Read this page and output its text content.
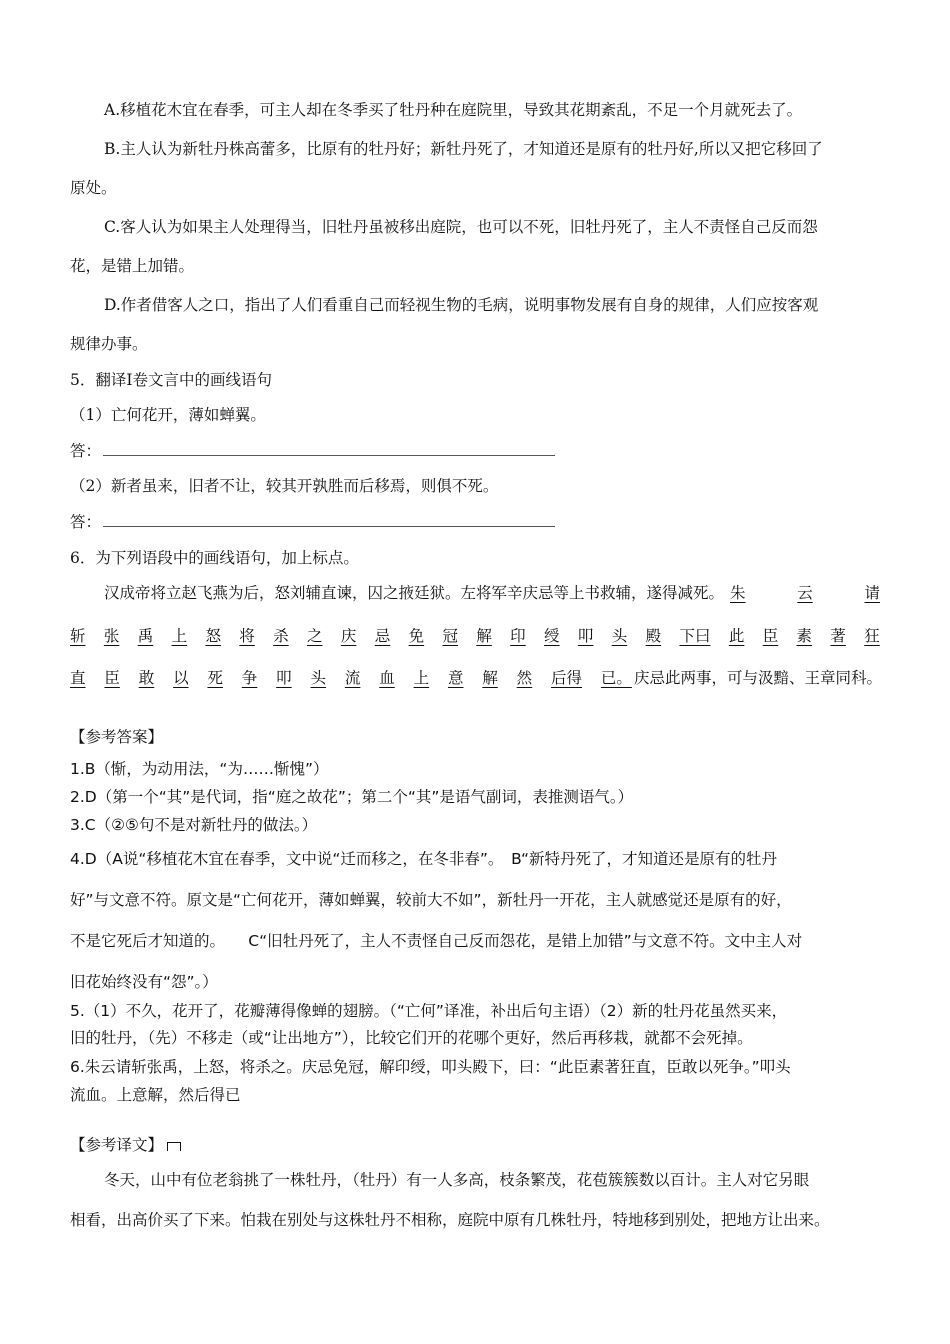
A.移植花木宜在春季，可主人却在冬季买了牡丹种在庭院里，导致其花期紊乱，不足一个月就死去了。
B.主人认为新牡丹株高蕾多，比原有的牡丹好；新牡丹死了，才知道还是原有的牡丹好,所以又把它移回了
原处。
C.客人认为如果主人处理得当，旧牡丹虽被移出庭院，也可以不死，旧牡丹死了，主人不责怪自己反而怨
花，是错上加错。
D.作者借客人之口，指出了人们看重自己而轻视生物的毛病，说明事物发展有自身的规律，人们应按客观
规律办事。
5．翻译Ⅰ卷文言中的画线语句
（1）亡何花开，薄如蝉翼。
答：
（2）新者虽来，旧者不让，较其开孰胜而后移焉，则俱不死。
答：
6．为下列语段中的画线语句，加上标点。
汉成帝将立赵飞燕为后，怒刘辅直谏，囚之掖廷狱。左将军辛庆忌等上书救辅，遂得减死。 朱	云	请
斩 张 禹 上 怒 将 杀 之 庆 忌 免 冠 解 印 绶 叩 头 殿 下曰 此 臣 素 著 狂
直 臣 敢 以 死 争 叩 头 流 血 上 意 解 然 后得 已。 庆忌此两事，可与汲黯、王章同科。
【参考答案】
1.B（惭，为动用法，“为……惭愧”）
2.D（第一个“其”是代词，指“庭之故花”；第二个“其”是语气副词，表推测语气。）
3.C（②⑤句不是对新牡丹的做法。）
4.D（A说“移植花木宜在春季，文中说“迁而移之，在冬非春”。　B“新特丹死了，才知道还是原有的牡丹
好”与文意不符。原文是“亡何花开，薄如蝉翼，较前大不如”，新牡丹一开花，主人就感觉还是原有的好，
不是它死后才知道的。　　C“旧牡丹死了，主人不责怪自己反而怨花，是错上加错”与文意不符。文中主人对
旧花始终没有“怨”。）
5.（1）不久，花开了，花瓣薄得像蝉的翅膀。（“亡何”译准，补出后句主语）（2）新的牡丹花虽然买来，
旧的牡丹，（先）不移走（或“让出地方”），比较它们开的花哪个更好，然后再移栽，就都不会死掉。
6.朱云请斩张禹，上怒，将杀之。庆忌免冠，解印绶，叩头殿下，曰：“此臣素著狂直，臣敢以死争。”叩头
流血。上意解，然后得已
【参考译文】
冬天，山中有位老翁挑了一株牡丹，（牡丹）有一人多高，枝条繁茂，花苞簇簇数以百计。主人对它另眼
相看，出高价买了下来。怕栽在别处与这株牡丹不相称，庭院中原有几株牡丹，特地移到别处，把地方让出来。
